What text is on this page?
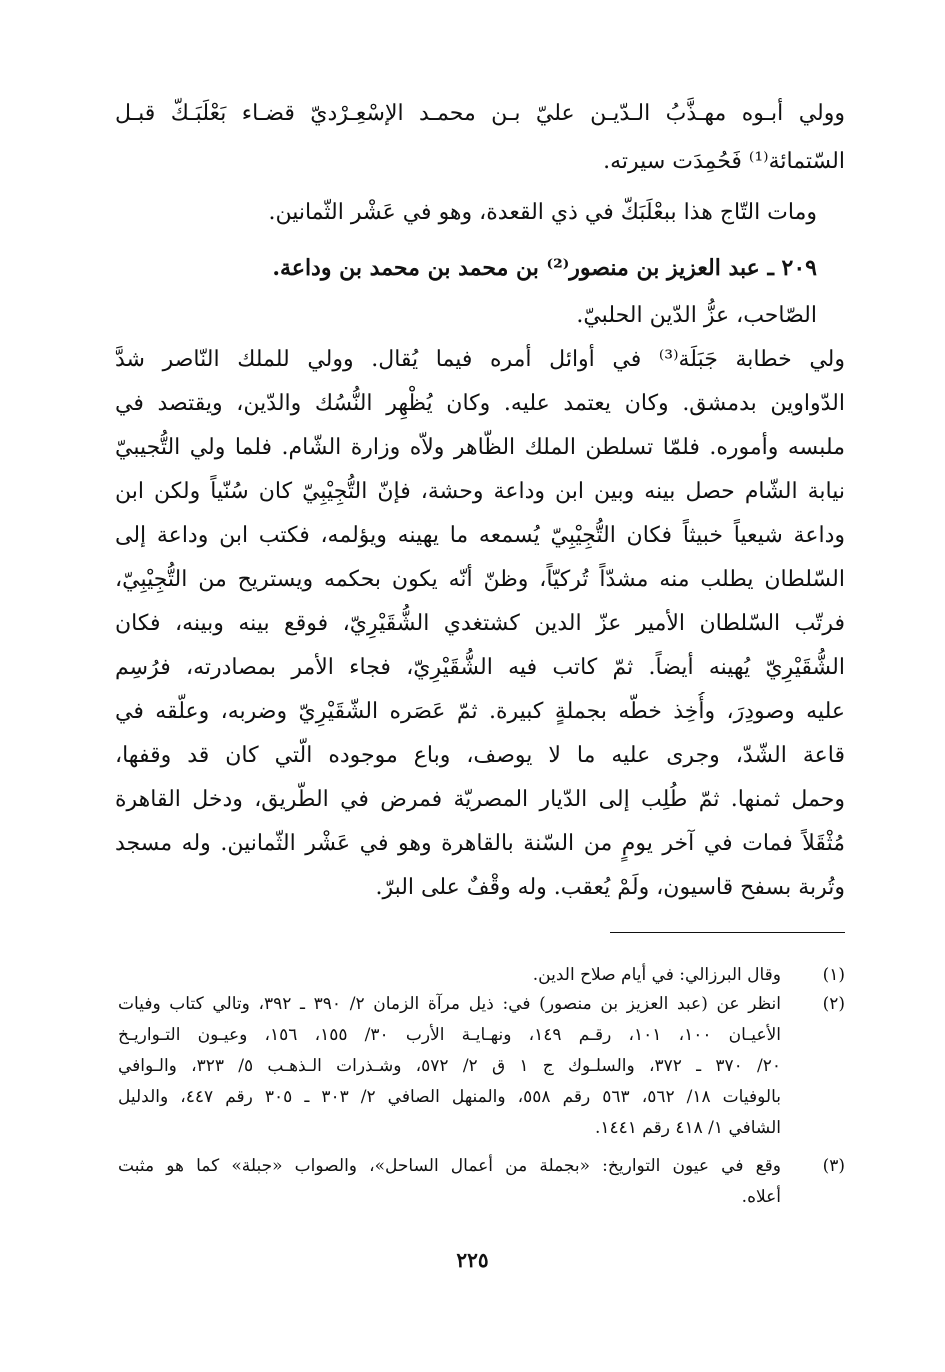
وولي أبـوه مهـذَّبُ الـدّيـن عليّ بـن محمـد الإسْعِـرْديّ قضـاء بَعْلَبَـكّ قبـل
السّتمائة⁽¹⁾ فَحُمِدَت سيرته.
ومات التّاج هذا ببعْلَبَكّ في ذي القعدة، وهو في عَشْر الثّمانين.
٢٠٩ ـ عبد العزيز بن منصور⁽²⁾ بن محمد بن محمد بن وداعة.
الصّاحب، عزُّ الدّين الحلبيّ.
ولي خطابة جَبَلَة⁽³⁾ في أوائل أمره فيما يُقال. وولي للملك النّاصر شدَّ
الدّواوين بدمشق. وكان يعتمد عليه. وكان يُظْهِر النُّسُك والدّين، ويقتصد في
ملبسه وأموره. فلمّا تسلطن الملك الظّاهر ولاّه وزارة الشّام. فلما ولي التُّجيبيّ
نيابة الشّام حصل بينه وبين ابن وداعة وحشة، فإنّ التُّجِيْبِيّ كان سُنّياً ولكن ابن
وداعة شيعياً خبيثاً فكان التُّجِيْبِيّ يُسمعه ما يهينه ويؤلمه، فكتب ابن وداعة إلى
السّلطان يطلب منه مشدّاً تُركيّاً، وظنّ أنّه يكون بحكمه ويستريح من التُّجِيْبِيّ،
فرتّب السّلطان الأمير عزّ الدين كشتغدي الشُّقَيْرِيّ، فوقع بينه وبينه، فكان
الشُّقَيْرِيّ يُهينه أيضاً. ثمّ كاتب فيه الشُّقَيْرِيّ، فجاء الأمر بمصادرته، فرُسِم
عليه وصودِرَ، وأُخِذ خطّه بجملةٍ كبيرة. ثمّ عَصَره الشّقَيْرِيّ وضربه، وعلّقه في
قاعة الشّدّ، وجرى عليه ما لا يوصف، وباع موجوده الّتي كان قد وقفها،
وحمل ثمنها. ثمّ طُلِب إلى الدّيار المصريّة فمرض في الطّريق، ودخل القاهرة
مُثْقَلاً فمات في آخر يومٍ من السّنة بالقاهرة وهو في عَشْر الثّمانين. وله مسجد
وتُربة بسفح قاسيون، ولَمْ يُعقب. وله وقْفٌ على البرّ.
(١)
وقال البرزالي: في أيام صلاح الدين.
(٢)
انظر عن (عبد العزيز بن منصور) في: ذيل مرآة الزمان ٢/ ٣٩٠ ـ ٣٩٢، وتالي كتاب وفيات
الأعيـان ١٠٠، ١٠١، رقـم ١٤٩، ونهـايـة الأرب ٣٠/ ١٥٥، ١٥٦، وعيـون التـواريـخ
٢٠/ ٣٧٠ ـ ٣٧٢، والسلـوك ج ١ ق ٢/ ٥٧٢، وشـذرات الـذهـب ٥/ ٣٢٣، والـوافي
بالوفيات ١٨/ ٥٦٢، ٥٦٣ رقم ٥٥٨، والمنهل الصافي ٢/ ٣٠٣ ـ ٣٠٥ رقم ٤٤٧، والدليل
الشافي ١/ ٤١٨ رقم ١٤٤١.
(٣)
وقع في عيون التواريخ: «بجملة من أعمال الساحل»، والصواب «جبلة» كما هو مثبت
أعلاه.
٢٢٥
